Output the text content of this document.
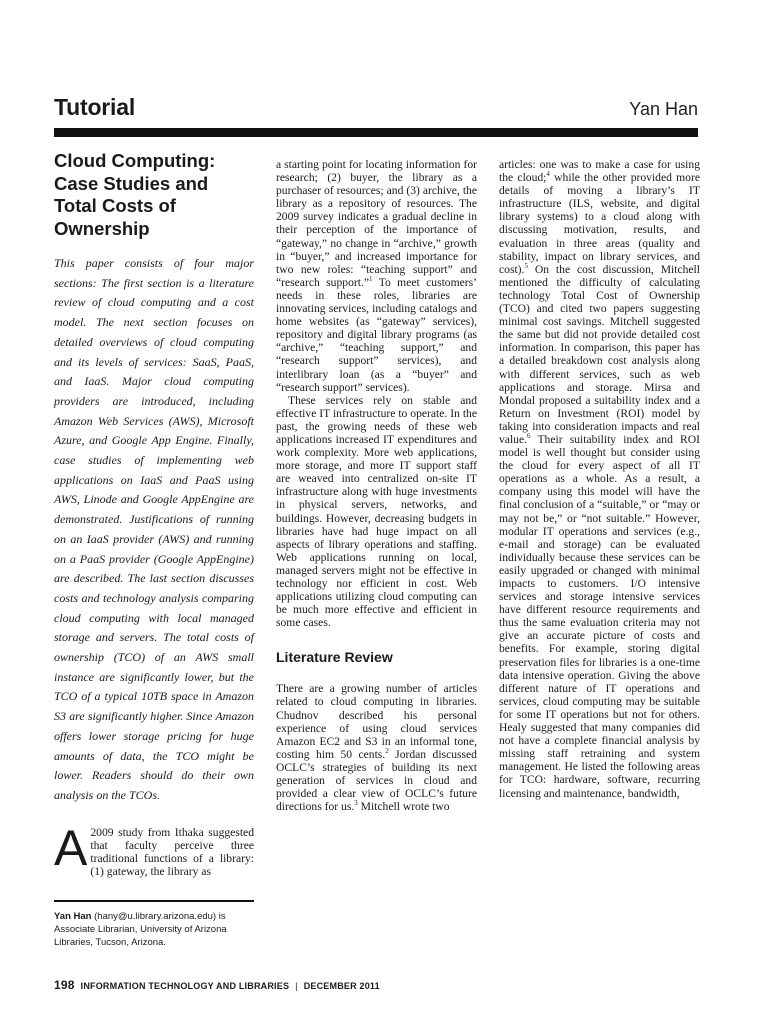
Tutorial	Yan Han
Cloud Computing: Case Studies and Total Costs of Ownership

This paper consists of four major sections: The first section is a literature review of cloud computing and a cost model. The next section focuses on detailed overviews of cloud computing and its levels of services: SaaS, PaaS, and IaaS. Major cloud computing providers are introduced, including Amazon Web Services (AWS), Microsoft Azure, and Google App Engine. Finally, case studies of implementing web applications on IaaS and PaaS using AWS, Linode and Google AppEngine are demonstrated. Justifications of running on an IaaS provider (AWS) and running on a PaaS provider (Google AppEngine) are described. The last section discusses costs and technology analysis comparing cloud computing with local managed storage and servers. The total costs of ownership (TCO) of an AWS small instance are significantly lower, but the TCO of a typical 10TB space in Amazon S3 are significantly higher. Since Amazon offers lower storage pricing for huge amounts of data, the TCO might be lower. Readers should do their own analysis on the TCOs.

A 2009 study from Ithaka suggested that faculty perceive three traditional functions of a library: (1) gateway, the library as

a starting point for locating information for research; (2) buyer, the library as a purchaser of resources; and (3) archive, the library as a repository of resources. The 2009 survey indicates a gradual decline in their perception of the importance of “gateway,” no change in “archive,” growth in “buyer,” and increased importance for two new roles: “teaching support” and “research support.”$^1$ To meet customers’ needs in these roles, libraries are innovating services, including catalogs and home websites (as “gateway” services), repository and digital library programs (as “archive,” “teaching support,” and “research support” services), and interlibrary loan (as a “buyer” and “research support” services).

These services rely on stable and effective IT infrastructure to operate. In the past, the growing needs of these web applications increased IT expenditures and work complexity. More web applications, more storage, and more IT support staff are weaved into centralized on-site IT infrastructure along with huge investments in physical servers, networks, and buildings. However, decreasing budgets in libraries have had huge impact on all aspects of library operations and staffing. Web applications running on local, managed servers might not be effective in technology nor efficient in cost. Web applications utilizing cloud computing can be much more effective and efficient in some cases.

Literature Review

There are a growing number of articles related to cloud computing in libraries. Chudnov described his personal experience of using cloud services Amazon EC2 and S3 in an informal tone, costing him 50 cents.$^2$ Jordan discussed OCLC’s strategies of building its next generation of services in cloud and provided a clear view of OCLC’s future directions for us.$^3$ Mitchell wrote two

articles: one was to make a case for using the cloud;$^4$ while the other provided more details of moving a library’s IT infrastructure (ILS, website, and digital library systems) to a cloud along with discussing motivation, results, and evaluation in three areas (quality and stability, impact on library services, and cost).$^5$ On the cost discussion, Mitchell mentioned the difficulty of calculating technology Total Cost of Ownership (TCO) and cited two papers suggesting minimal cost savings. Mitchell suggested the same but did not provide detailed cost information. In comparison, this paper has a detailed breakdown cost analysis along with different services, such as web applications and storage. Mirsa and Mondal proposed a suitability index and a Return on Investment (ROI) model by taking into consideration impacts and real value.$^6$ Their suitability index and ROI model is well thought but consider using the cloud for every aspect of all IT operations as a whole. As a result, a company using this model will have the final conclusion of a “suitable,” or “may or may not be,” or “not suitable.” However, modular IT operations and services (e.g., e-mail and storage) can be evaluated individually because these services can be easily upgraded or changed with minimal impacts to customers. I/O intensive services and storage intensive services have different resource requirements and thus the same evaluation criteria may not give an accurate picture of costs and benefits. For example, storing digital preservation files for libraries is a one-time data intensive operation. Giving the above different nature of IT operations and services, cloud computing may be suitable for some IT operations but not for others. Healy suggested that many companies did not have a complete financial analysis by missing staff retraining and system management. He listed the following areas for TCO: hardware, software, recurring licensing and maintenance, bandwidth,

Yan Han (hany@u.library.arizona.edu) is Associate Librarian, University of Arizona Libraries, Tucson, Arizona.
198 INFORMATION TECHNOLOGY AND LIBRARIES | DECEMBER 2011
